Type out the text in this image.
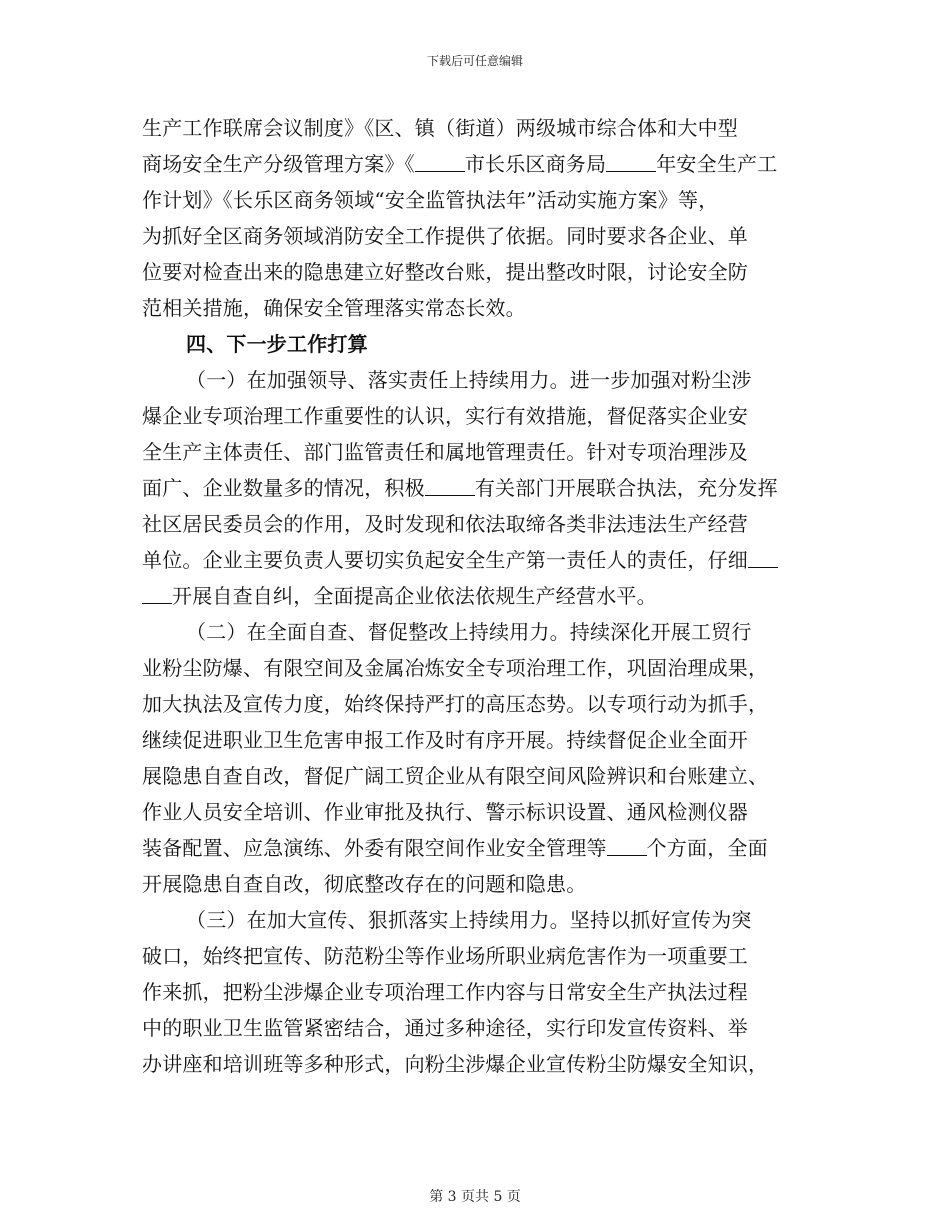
下载后可任意编辑
生产工作联席会议制度》《区、镇（街道）两级城市综合体和大中型
商场安全生产分级管理方案》《	市长乐区商务局	年安全生产工
作计划》《长乐区商务领域“安全监管执法年”活动实施方案》等，
为抓好全区商务领域消防安全工作提供了依据。同时要求各企业、单
位要对检查出来的隐患建立好整改台账，提出整改时限，讨论安全防
范相关措施，确保安全管理落实常态长效。
四、下一步工作打算
（一）在加强领导、落实责任上持续用力。进一步加强对粉尘涉
爆企业专项治理工作重要性的认识，实行有效措施，督促落实企业安
全生产主体责任、部门监管责任和属地管理责任。针对专项治理涉及
面广、企业数量多的情况，积极	有关部门开展联合执法，充分发挥
社区居民委员会的作用，及时发现和依法取缔各类非法违法生产经营
单位。企业主要负责人要切实负起安全生产第一责任人的责任，仔细
开展自查自纠，全面提高企业依法依规生产经营水平。
（二）在全面自查、督促整改上持续用力。持续深化开展工贸行
业粉尘防爆、有限空间及金属冶炼安全专项治理工作，巩固治理成果，
加大执法及宣传力度，始终保持严打的高压态势。以专项行动为抓手，
继续促进职业卫生危害申报工作及时有序开展。持续督促企业全面开
展隐患自查自改，督促广阔工贸企业从有限空间风险辨识和台账建立、
作业人员安全培训、作业审批及执行、警示标识设置、通风检测仪器
装备配置、应急演练、外委有限空间作业安全管理等 个方面，全面
开展隐患自查自改，彻底整改存在的问题和隐患。
（三）在加大宣传、狠抓落实上持续用力。坚持以抓好宣传为突
破口，始终把宣传、防范粉尘等作业场所职业病危害作为一项重要工
作来抓，把粉尘涉爆企业专项治理工作内容与日常安全生产执法过程
中的职业卫生监管紧密结合，通过多种途径，实行印发宣传资料、举
办讲座和培训班等多种形式，向粉尘涉爆企业宣传粉尘防爆安全知识，
第 3 页共 5 页
